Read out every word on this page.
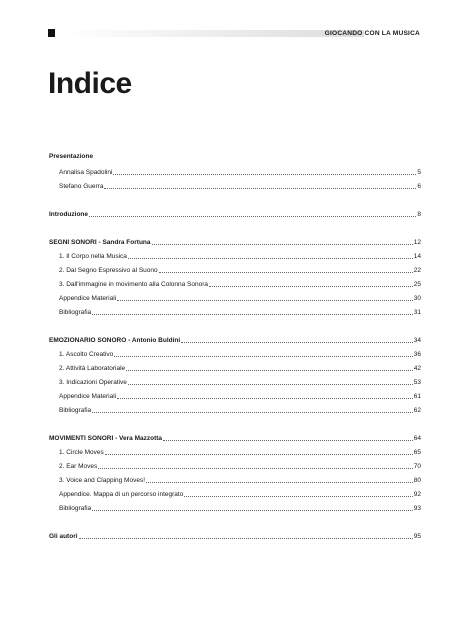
GIOCANDO CON LA MUSICA
Indice
Presentazione
Annalisa Spadolini	5
Stefano Guerra	6
Introduzione	8
SEGNI SONORI - Sandra Fortuna	12
1. Il Corpo nella Musica	14
2. Dal Segno Espressivo al Suono	22
3. Dall'immagine in movimento alla Colonna Sonora	25
Appendice Materiali	30
Bibliografia	31
EMOZIONARIO SONORO - Antonio Buldini	34
1. Ascolto Creativo	36
2. Attività Laboratoriale	42
3. Indicazioni Operative	53
Appendice Materiali	61
Bibliografia	62
MOVIMENTI SONORI - Vera Mazzotta	64
1. Circle Moves	65
2. Ear Moves	70
3. Voice and Clapping Moves!	80
Appendice. Mappa di un percorso integrato	92
Bibliografia	93
Gli autori	95
